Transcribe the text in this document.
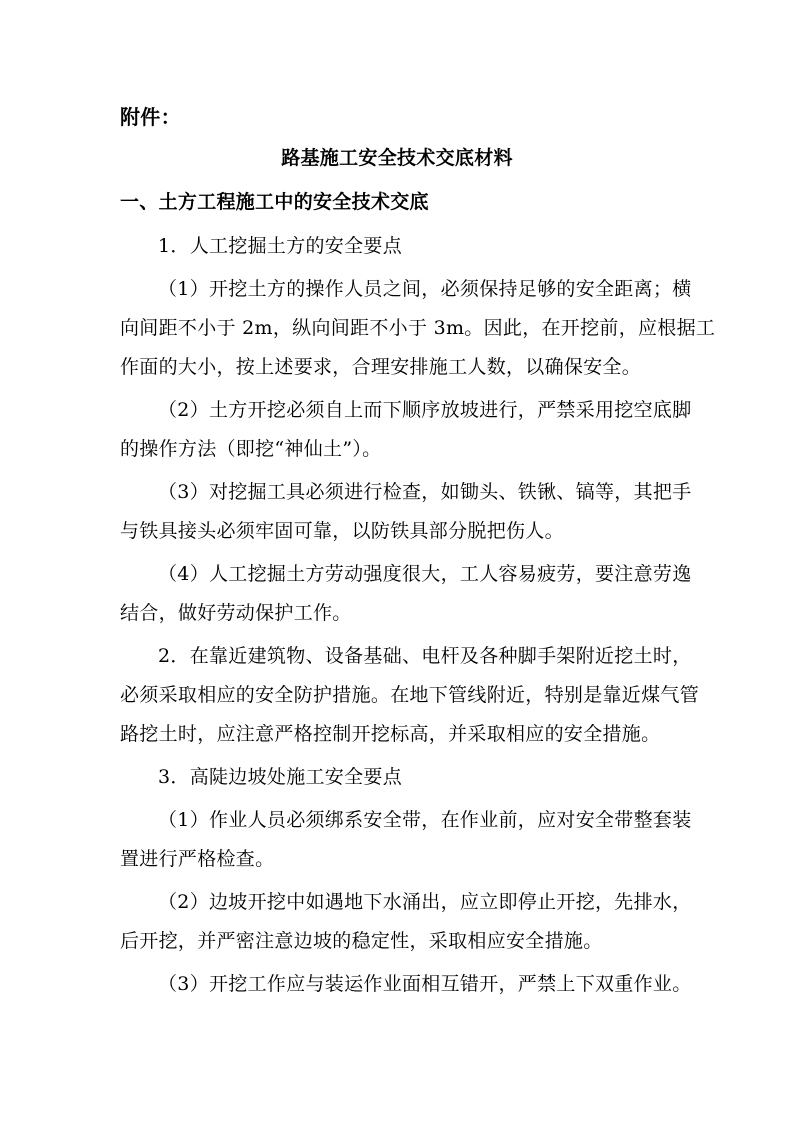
附件：
路基施工安全技术交底材料
一、土方工程施工中的安全技术交底
1．人工挖掘土方的安全要点
（1）开挖土方的操作人员之间，必须保持足够的安全距离；横
向间距不小于 2m，纵向间距不小于 3m。因此，在开挖前，应根据工
作面的大小，按上述要求，合理安排施工人数，以确保安全。
（2）土方开挖必须自上而下顺序放坡进行，严禁采用挖空底脚
的操作方法（即挖“神仙土”）。
（3）对挖掘工具必须进行检查，如锄头、铁锹、镐等，其把手
与铁具接头必须牢固可靠，以防铁具部分脱把伤人。
（4）人工挖掘土方劳动强度很大，工人容易疲劳，要注意劳逸
结合，做好劳动保护工作。
2．在靠近建筑物、设备基础、电杆及各种脚手架附近挖土时，
必须采取相应的安全防护措施。在地下管线附近，特别是靠近煤气管
路挖土时，应注意严格控制开挖标高，并采取相应的安全措施。
3．高陡边坡处施工安全要点
（1）作业人员必须绑系安全带，在作业前，应对安全带整套装
置进行严格检查。
（2）边坡开挖中如遇地下水涌出，应立即停止开挖，先排水，
后开挖，并严密注意边坡的稳定性，采取相应安全措施。
（3）开挖工作应与装运作业面相互错开，严禁上下双重作业。
